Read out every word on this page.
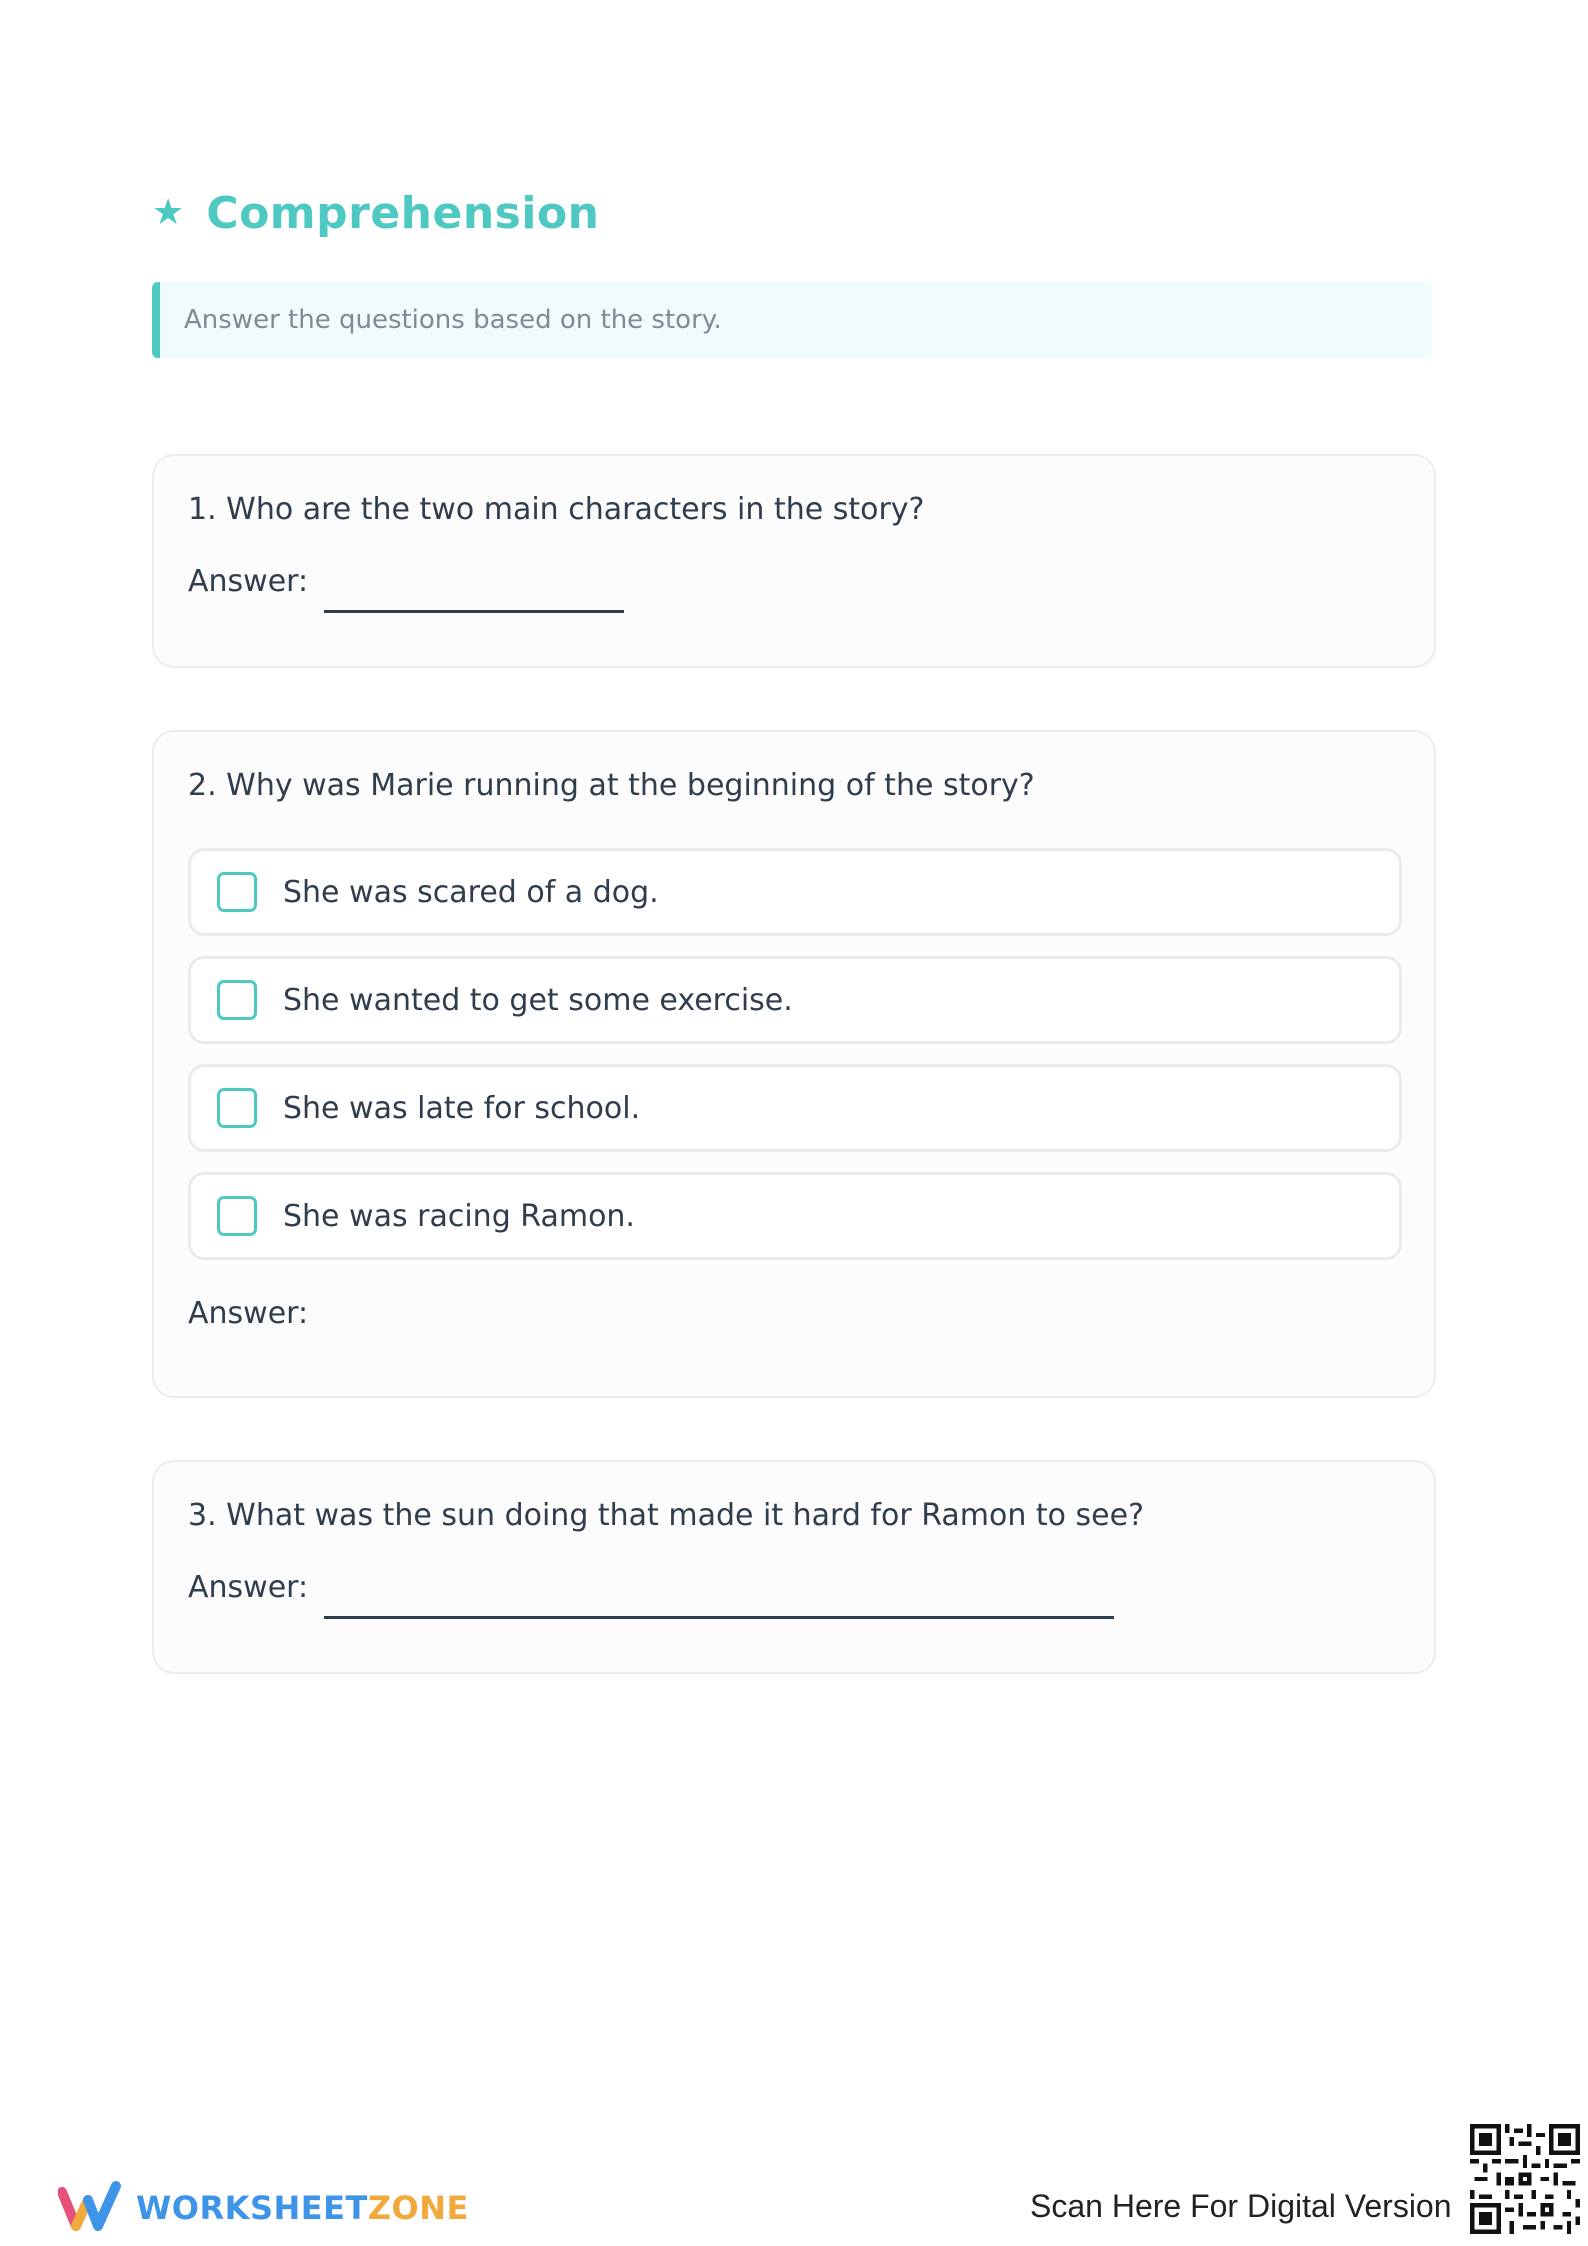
★ Comprehension
Answer the questions based on the story.
1. Who are the two main characters in the story?
Answer:
2. Why was Marie running at the beginning of the story?
She was scared of a dog.
She wanted to get some exercise.
She was late for school.
She was racing Ramon.
Answer:
3. What was the sun doing that made it hard for Ramon to see?
Answer:
WORKSHEET ZONE	Scan Here For Digital Version
